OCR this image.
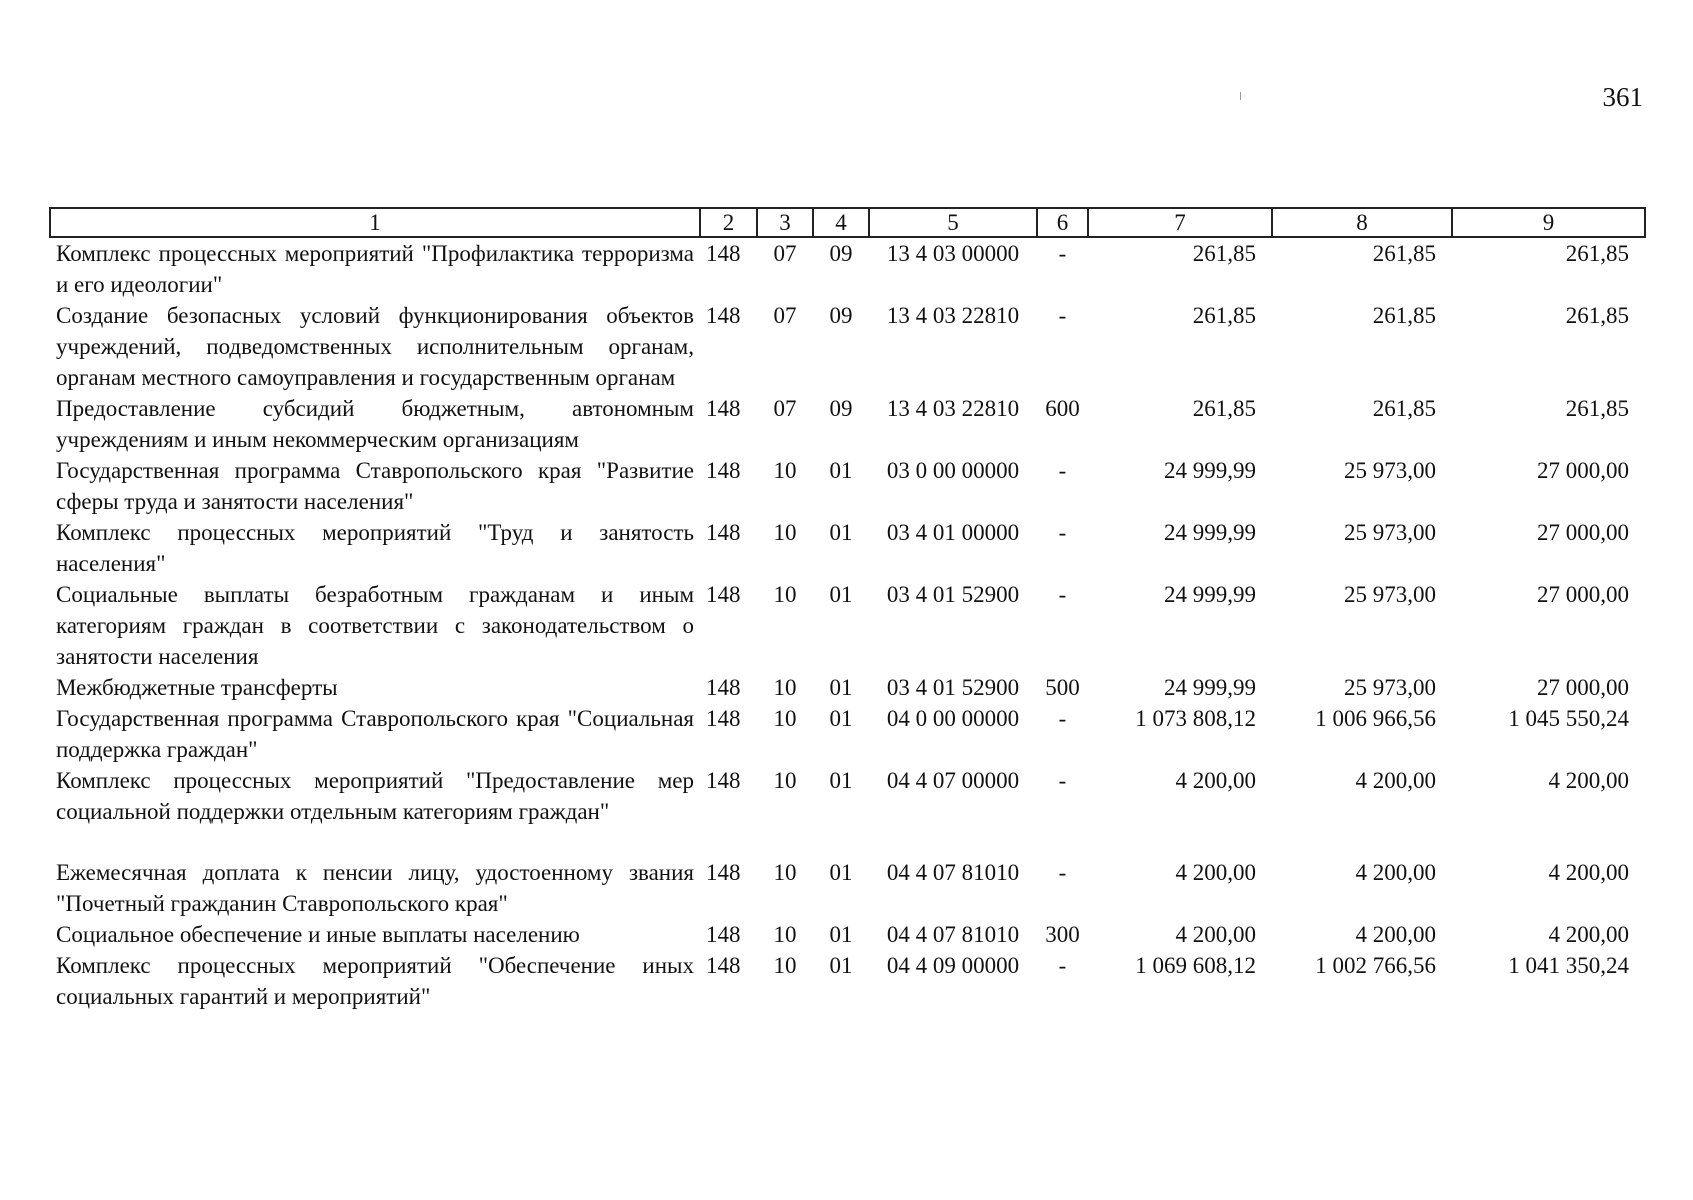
361
1	2	3	4	5	6	7	8	9
Комплекс процессных мероприятий "Профилактика терроризма и его идеологии"	148	07	09	13 4 03 00000	-	261,85	261,85	261,85
Создание безопасных условий функционирования объектов учреждений, подведомственных исполнительным органам, органам местного самоуправления и государственным органам	148	07	09	13 4 03 22810	-	261,85	261,85	261,85
Предоставление субсидий бюджетным, автономным учреждениям и иным некоммерческим организациям	148	07	09	13 4 03 22810	600	261,85	261,85	261,85
Государственная программа Ставропольского края "Развитие сферы труда и занятости населения"	148	10	01	03 0 00 00000	-	24 999,99	25 973,00	27 000,00
Комплекс процессных мероприятий "Труд и занятость населения"	148	10	01	03 4 01 00000	-	24 999,99	25 973,00	27 000,00
Социальные выплаты безработным гражданам и иным категориям граждан в соответствии с законодательством о занятости населения	148	10	01	03 4 01 52900	-	24 999,99	25 973,00	27 000,00
Межбюджетные трансферты	148	10	01	03 4 01 52900	500	24 999,99	25 973,00	27 000,00
Государственная программа Ставропольского края "Социальная поддержка граждан"	148	10	01	04 0 00 00000	-	1 073 808,12	1 006 966,56	1 045 550,24
Комплекс процессных мероприятий "Предоставление мер социальной поддержки отдельным категориям граждан"	148	10	01	04 4 07 00000	-	4 200,00	4 200,00	4 200,00

Ежемесячная доплата к пенсии лицу, удостоенному звания "Почетный гражданин Ставропольского края"	148	10	01	04 4 07 81010	-	4 200,00	4 200,00	4 200,00
Социальное обеспечение и иные выплаты населению	148	10	01	04 4 07 81010	300	4 200,00	4 200,00	4 200,00
Комплекс процессных мероприятий "Обеспечение иных социальных гарантий и мероприятий"	148	10	01	04 4 09 00000	-	1 069 608,12	1 002 766,56	1 041 350,24
